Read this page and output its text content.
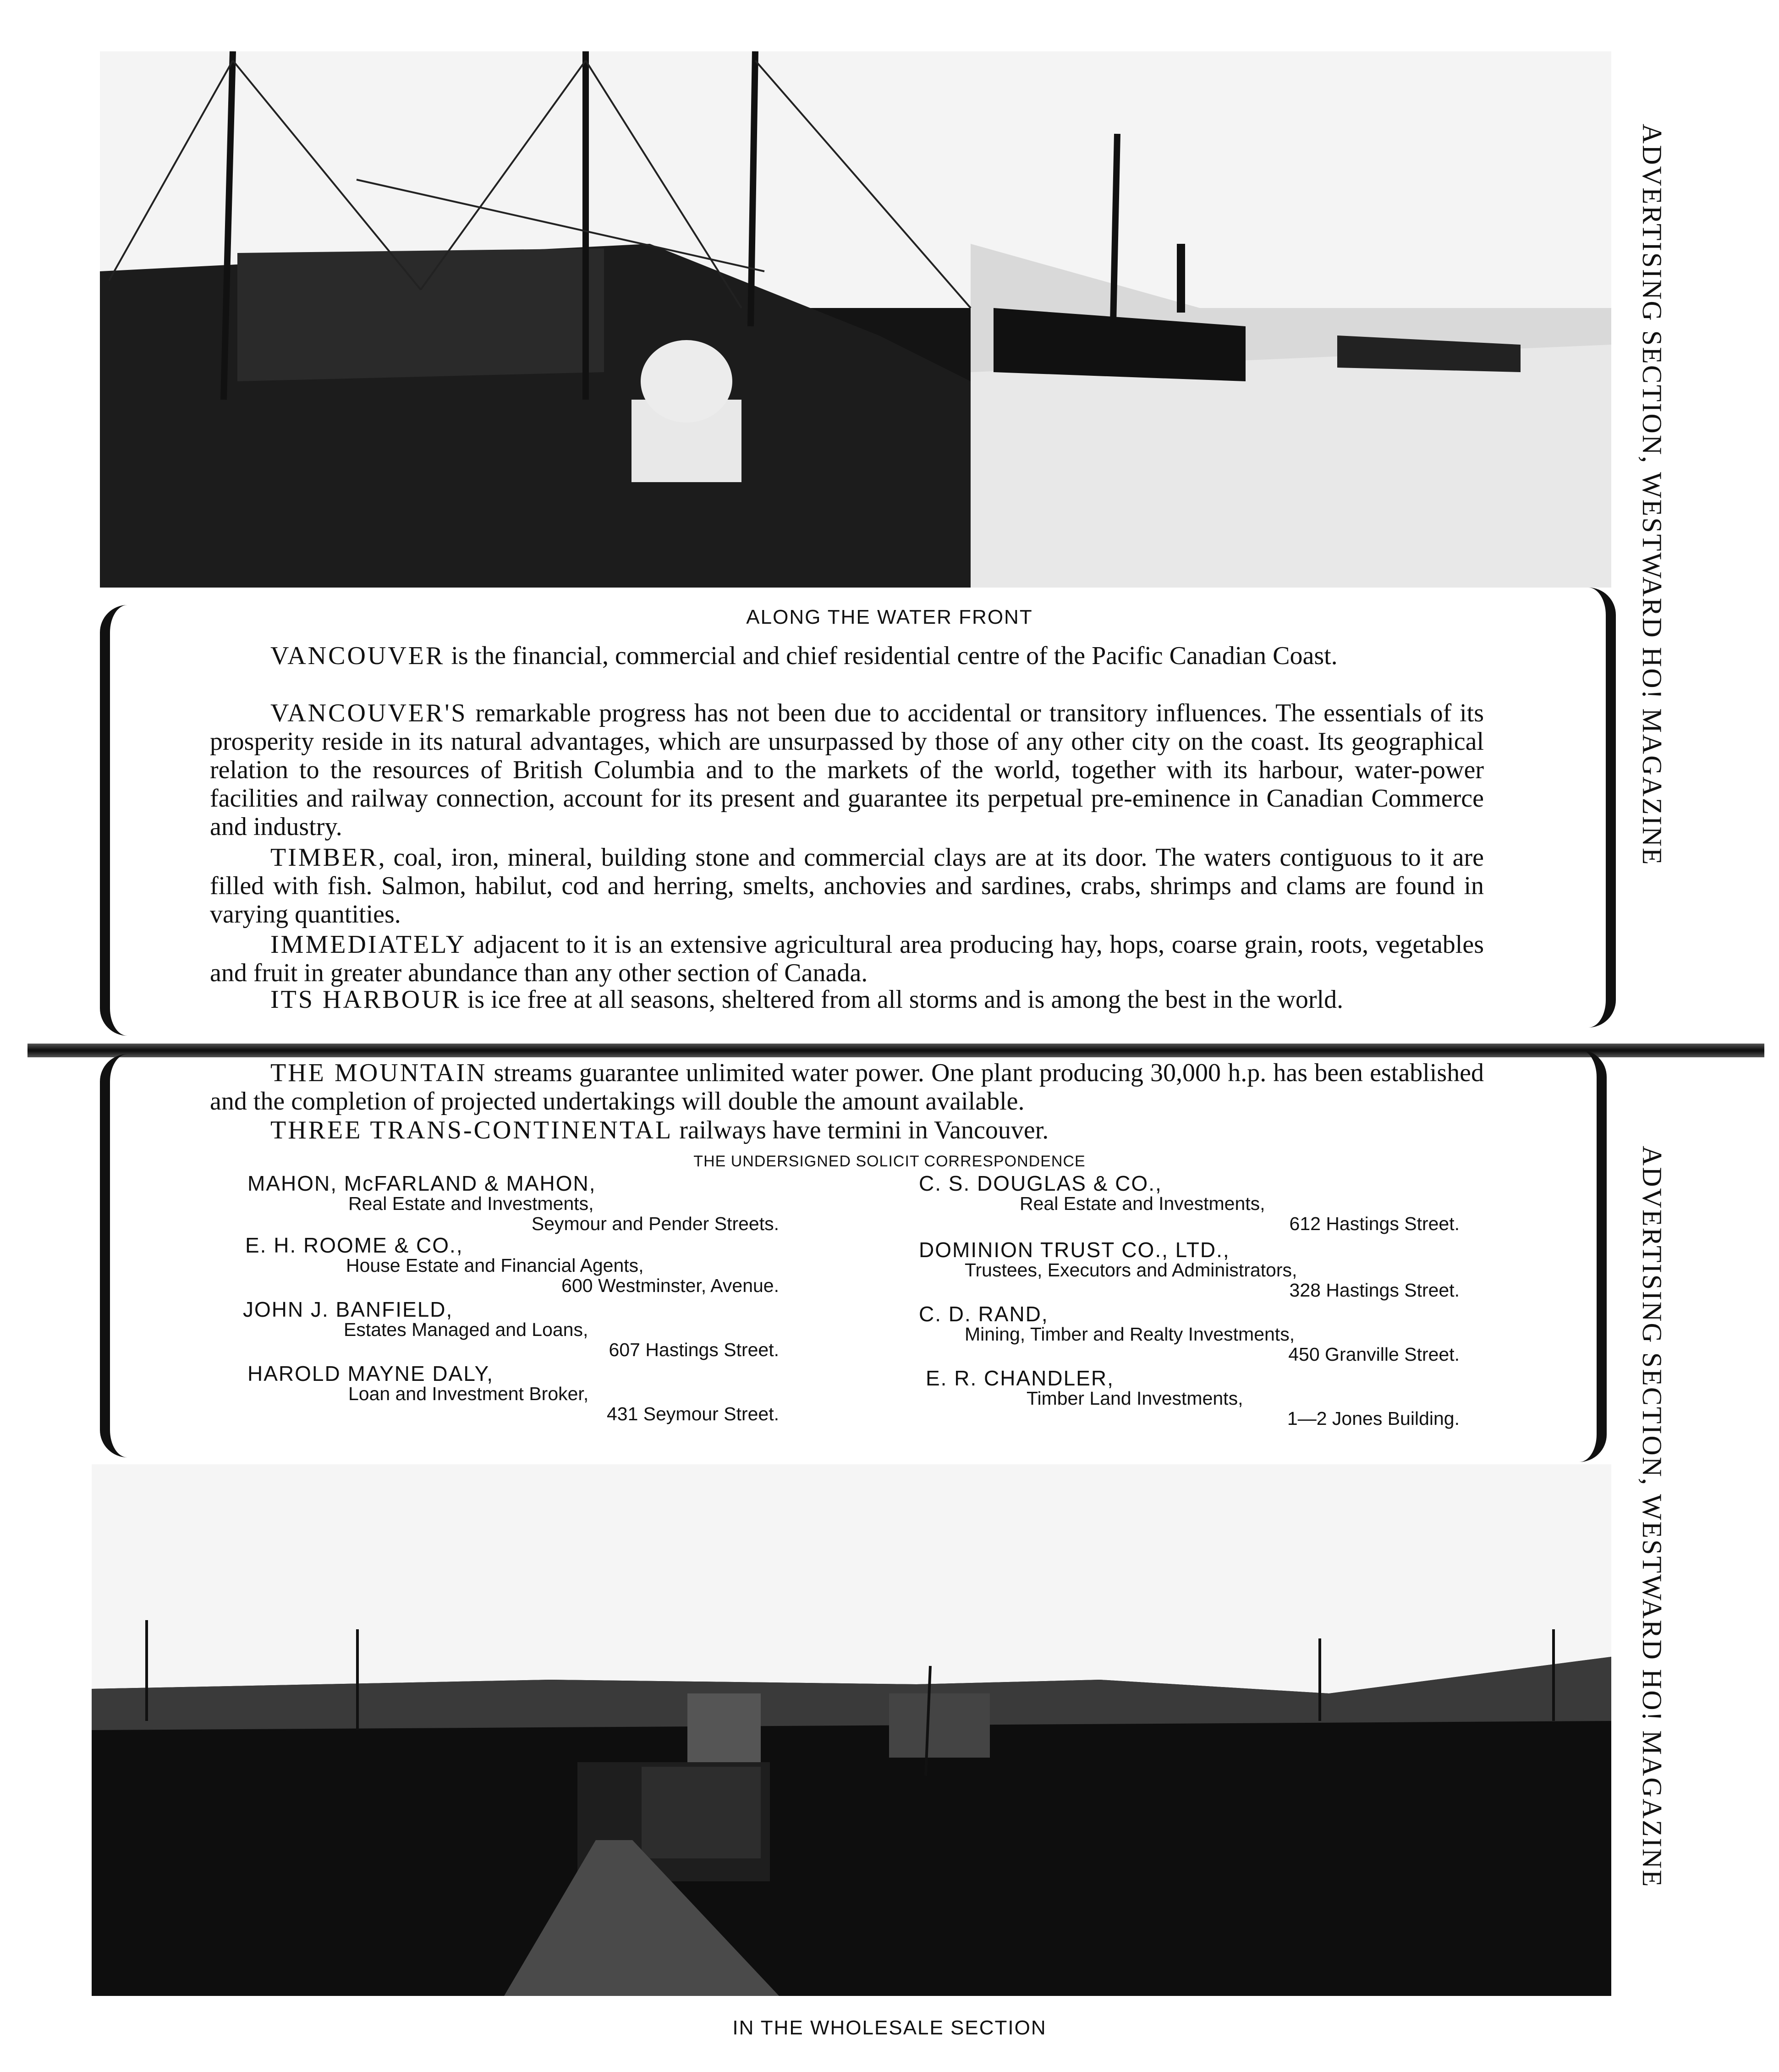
ALONG THE WATER FRONT

VANCOUVER is the financial, commercial and chief residential centre of the Pacific Canadian Coast.

VANCOUVER'S remarkable progress has not been due to accidental or transitory influences. The essentials of its prosperity reside in its natural advantages, which are unsurpassed by those of any other city on the coast. Its geographical relation to the resources of British Columbia and to the markets of the world, together with its harbour, water-power facilities and railway connection, account for its present and guarantee its perpetual pre-eminence in Canadian Commerce and industry.

TIMBER, coal, iron, mineral, building stone and commercial clays are at its door. The waters contiguous to it are filled with fish. Salmon, habilut, cod and herring, smelts, anchovies and sardines, crabs, shrimps and clams are found in varying quantities.

IMMEDIATELY adjacent to it is an extensive agricultural area producing hay, hops, coarse grain, roots, vegetables and fruit in greater abundance than any other section of Canada.

ITS HARBOUR is ice free at all seasons, sheltered from all storms and is among the best in the world.

THE MOUNTAIN streams guarantee unlimited water power. One plant producing 30,000 h.p. has been established and the completion of projected undertakings will double the amount available.

THREE TRANS-CONTINENTAL railways have termini in Vancouver.

THE UNDERSIGNED SOLICIT CORRESPONDENCE
MAHON, McFARLAND & MAHON,
Real Estate and Investments,
Seymour and Pender Streets.
E. H. ROOME & CO.,
House Estate and Financial Agents,
600 Westminster, Avenue.
JOHN J. BANFIELD,
Estates Managed and Loans,
607 Hastings Street.
HAROLD MAYNE DALY,
Loan and Investment Broker,
431 Seymour Street.
C. S. DOUGLAS & CO.,
Real Estate and Investments,
612 Hastings Street.
DOMINION TRUST CO., LTD.,
Trustees, Executors and Administrators,
328 Hastings Street.
C. D. RAND,
Mining, Timber and Realty Investments,
450 Granville Street.
E. R. CHANDLER,
Timber Land Investments,
1—2 Jones Building.
IN THE WHOLESALE SECTION
ADVERTISING SECTION, WESTWARD HO! MAGAZINE
ADVERTISING SECTION, WESTWARD HO! MAGAZINE
